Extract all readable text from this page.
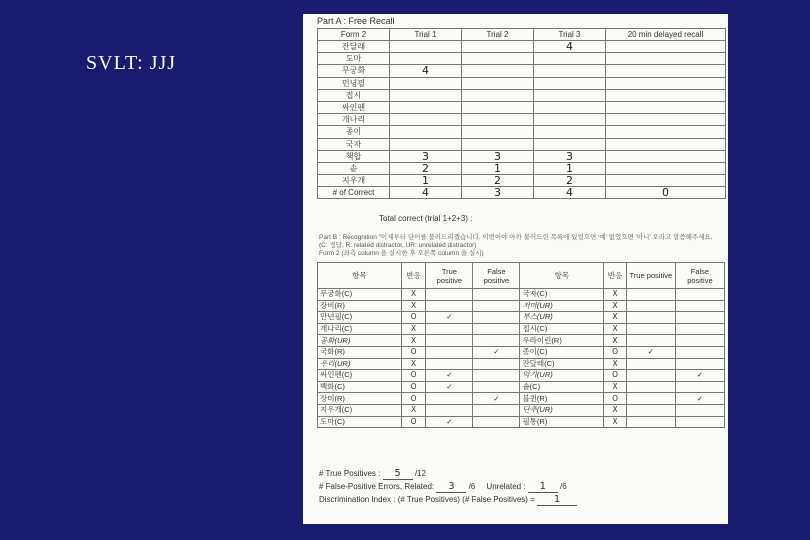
SVLT: JJJ
Part A : Free Recall
Form 2	Trial 1	Trial 2	Trial 3	20 min delayed recall
잔달래			4	
도마				
무궁화	4			
민녕필				
접시				
싸인펜				
개나리				
종이				
국자				
책합	3	3	3	
솥	2	1	1	
지우개	1	2	2	
# of Correct	4	3	4	0
Total correct (trial 1+2+3) :
Part B : Recognition "이제부터 단어를 불러드리겠습니다. 이번이야 아까 불러드린 목록에 있었으면 '예' 없었으면 '아니' 오라고 말씀해주세요. (C: 정답, R: related distractor, UR: unrelated distractor)
Form 2 (좌측 column 을 실시한 후 오른쪽 column 을 실시)
항목	반응	True positive	False positive	항목	반응	True positive	False positive
무궁화(C)	X			국자(C)	X		
장비(R)	X			저마(UR)	X		
만년필(C)	O	✓		부스(UR)	X		
개나리(C)	X			접시(C)	X		
공화(UR)	X			우라이린(R)	X		
국화(R)	O		✓	종이(C)	O	✓	
우리(UR)	X			잔달래(C)	X		
싸인펜(C)	O	✓		악기(UR)	O		✓
백화(C)	O	✓		솥(C)	X		
장미(R)	O		✓	블퀸(R)	O		✓
지우개(C)	X			단추(UR)	X		
도마(C)	O	✓		필통(R)	X		
# True Positives : 5 /12
# False-Positive Errors, Related: 3 /6 Unrelated : 1 /6
Discrimination Index : (# True Positives) (# False Positives) = 1
